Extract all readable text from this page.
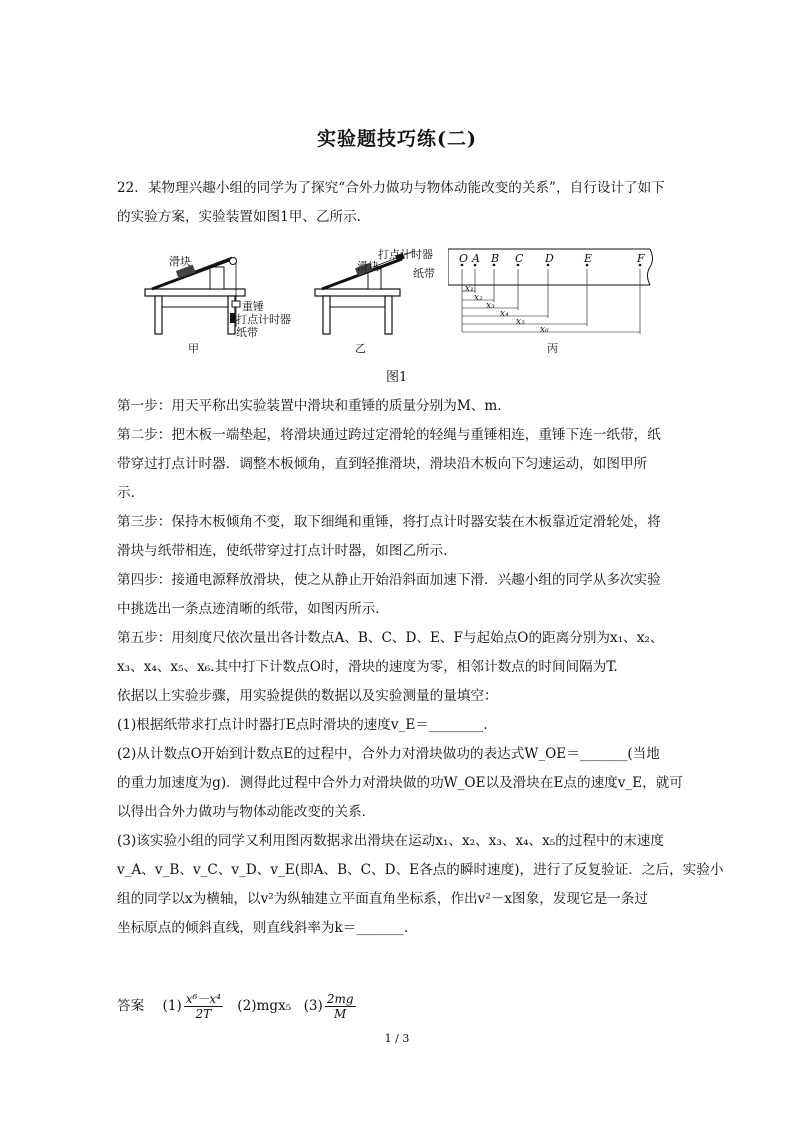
实验题技巧练(二)
22．某物理兴趣小组的同学为了探究“合外力做功与物体动能改变的关系”，自行设计了如下
的实验方案，实验装置如图1甲、乙所示．
滑块
重锤
打点计时器
纸带
甲
打点计时器
滑块
纸带
乙
O A B C D	E	F
x₁
x₂
x₃
x₄
x₅
x₆
丙
图1
第一步：用天平称出实验装置中滑块和重锤的质量分别为M、m.
第二步：把木板一端垫起，将滑块通过跨过定滑轮的轻绳与重锤相连，重锤下连一纸带，纸
带穿过打点计时器．调整木板倾角，直到轻推滑块，滑块沿木板向下匀速运动，如图甲所
示．
第三步：保持木板倾角不变，取下细绳和重锤，将打点计时器安装在木板靠近定滑轮处，将
滑块与纸带相连，使纸带穿过打点计时器，如图乙所示．
第四步：接通电源释放滑块，使之从静止开始沿斜面加速下滑．兴趣小组的同学从多次实验
中挑选出一条点迹清晰的纸带，如图丙所示．
第五步：用刻度尺依次量出各计数点A、B、C、D、E、F与起始点O的距离分别为x₁、x₂、
x₃、x₄、x₅、x₆.其中打下计数点O时，滑块的速度为零，相邻计数点的时间间隔为T.
依据以上实验步骤，用实验提供的数据以及实验测量的量填空：
(1)根据纸带求打点计时器打E点时滑块的速度v_E＝________.
(2)从计数点O开始到计数点E的过程中，合外力对滑块做功的表达式W_OE＝_______(当地
的重力加速度为g)．测得此过程中合外力对滑块做的功W_OE以及滑块在E点的速度v_E，就可
以得出合外力做功与物体动能改变的关系．
(3)该实验小组的同学又利用图丙数据求出滑块在运动x₁、x₂、x₃、x₄、x₅的过程中的末速度
v_A、v_B、v_C、v_D、v_E(即A、B、C、D、E各点的瞬时速度)，进行了反复验证．之后，实验小
组的同学以x为横轴，以v²为纵轴建立平面直角坐标系，作出v²－x图象，发现它是一条过
坐标原点的倾斜直线，则直线斜率为k＝_______.
答案 $(1) \frac{\text{x⁶－x⁴}}{2T} (2)mgx_5$ $(3) \frac{2mg}{M}$
1 / 3
